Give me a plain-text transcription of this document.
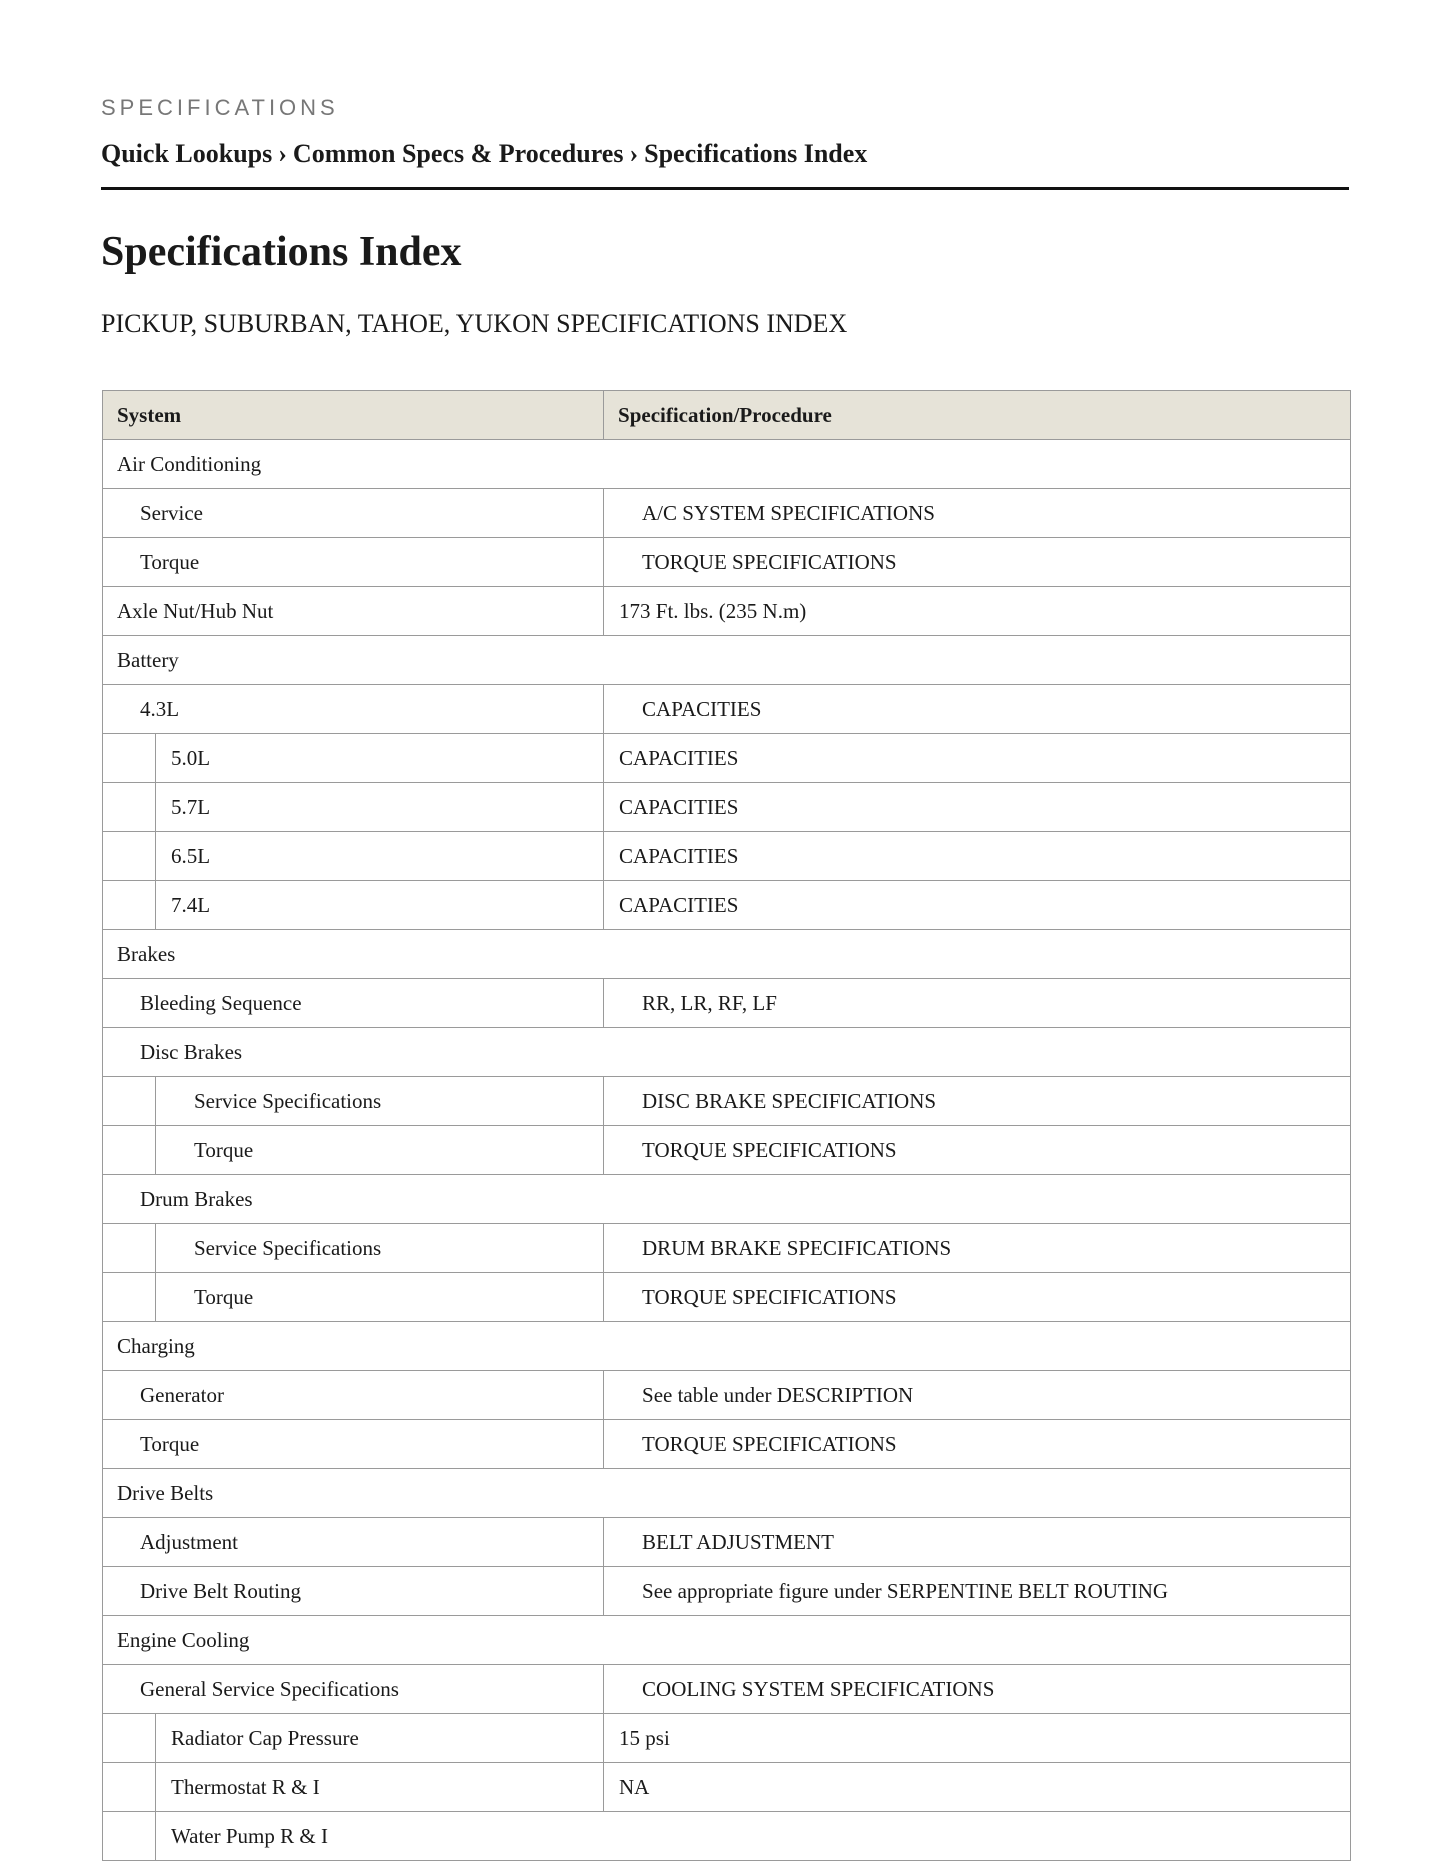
SPECIFICATIONS
Quick Lookups › Common Specs & Procedures › Specifications Index
Specifications Index
PICKUP, SUBURBAN, TAHOE, YUKON SPECIFICATIONS INDEX
System		Specification/Procedure
Air Conditioning		
Service		A/C SYSTEM SPECIFICATIONS
Torque		TORQUE SPECIFICATIONS
Axle Nut/Hub Nut		173 Ft. lbs. (235 N.m)
Battery		
4.3L		CAPACITIES
	5.0L	CAPACITIES
	5.7L	CAPACITIES
	6.5L	CAPACITIES
	7.4L	CAPACITIES
Brakes		
Bleeding Sequence		RR, LR, RF, LF
Disc Brakes		
	Service Specifications	DISC BRAKE SPECIFICATIONS
	Torque	TORQUE SPECIFICATIONS
Drum Brakes		
	Service Specifications	DRUM BRAKE SPECIFICATIONS
	Torque	TORQUE SPECIFICATIONS
Charging		
Generator		See table under DESCRIPTION
Torque		TORQUE SPECIFICATIONS
Drive Belts		
Adjustment		BELT ADJUSTMENT
Drive Belt Routing		See appropriate figure under SERPENTINE BELT ROUTING
Engine Cooling		
General Service Specifications		COOLING SYSTEM SPECIFICATIONS
	Radiator Cap Pressure	15 psi
	Thermostat R & I	NA
	Water Pump R & I	
